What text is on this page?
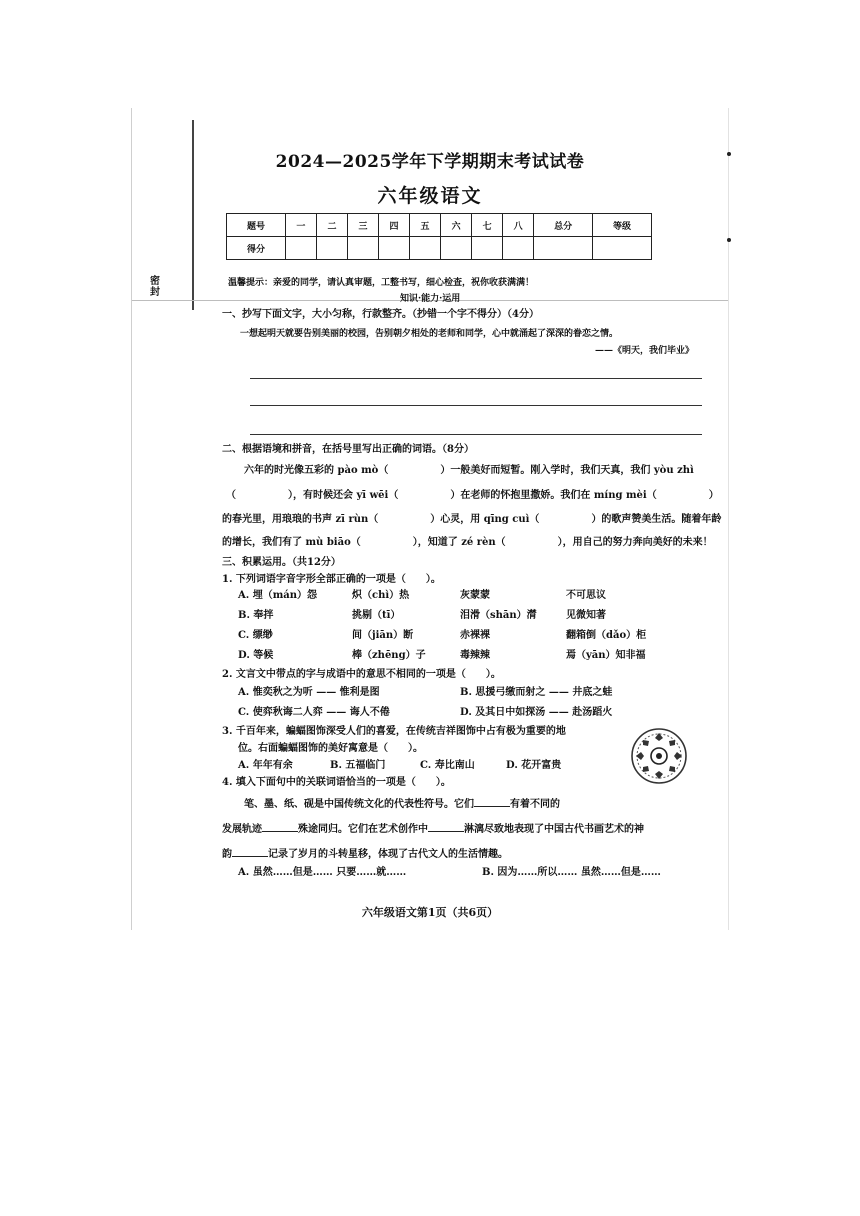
密
封
2024—2025学年下学期期末考试试卷
六年级语文
题号	一	二	三	四	五	六	七	八	总分	等级
得分										
温馨提示：亲爱的同学，请认真审题，工整书写，细心检查，祝你收获满满！
知识·能力·运用
一、抄写下面文字，大小匀称，行款整齐。（抄错一个字不得分）（4分）
一想起明天就要告别美丽的校园，告别朝夕相处的老师和同学，心中就涌起了深深的眷恋之情。
——《明天，我们毕业》
二、根据语境和拼音，在括号里写出正确的词语。（8分）
六年的时光像五彩的 pào mò（	）一般美好而短暂。刚入学时，我们天真，我们 yòu zhì
（	），有时候还会 yī wēi（	）在老师的怀抱里撒娇。我们在 míng mèi（	）
的春光里，用琅琅的书声 zī rùn（	）心灵，用 qīng cuì（	）的歌声赞美生活。随着年龄
的增长，我们有了 mù biāo（	），知道了 zé rèn（	），用自己的努力奔向美好的未来！
三、积累运用。（共12分）
1. 下列词语字音字形全部正确的一项是（　　）。
A. 埋（mán）怨	炽（chì）热	灰蒙蒙	不可思议
B. 奉拌	挑剔（tī）	泪滑（shān）潸	见微知著
C. 缥缈	间（jiān）断	赤裸裸	翻箱倒（dǎo）柜
D. 等候	棒（zhēng）子	毒辣辣	焉（yān）知非福
2. 文言文中带点的字与成语中的意思不相同的一项是（　　）。
A. 惟奕秋之为听 —— 惟利是图	B. 思援弓缴而射之 —— 井底之蛙
C. 使弈秋诲二人弈 —— 诲人不倦	D. 及其日中如探汤 —— 赴汤蹈火
3. 千百年来，蝙蝠图饰深受人们的喜爱，在传统吉祥图饰中占有极为重要的地
位。右面蝙蝠图饰的美好寓意是（　　）。
A. 年年有余	B. 五福临门	C. 寿比南山	D. 花开富贵
4. 填入下面句中的关联词语恰当的一项是（　　）。
笔、墨、纸、砚是中国传统文化的代表性符号。它们	有着不同的
发展轨迹	殊途同归。它们在艺术创作中	淋漓尽致地表现了中国古代书画艺术的神
韵	记录了岁月的斗转星移，体现了古代文人的生活情趣。
A. 虽然……但是…… 只要……就……	B. 因为……所以…… 虽然……但是……
六年级语文第1页（共6页）
